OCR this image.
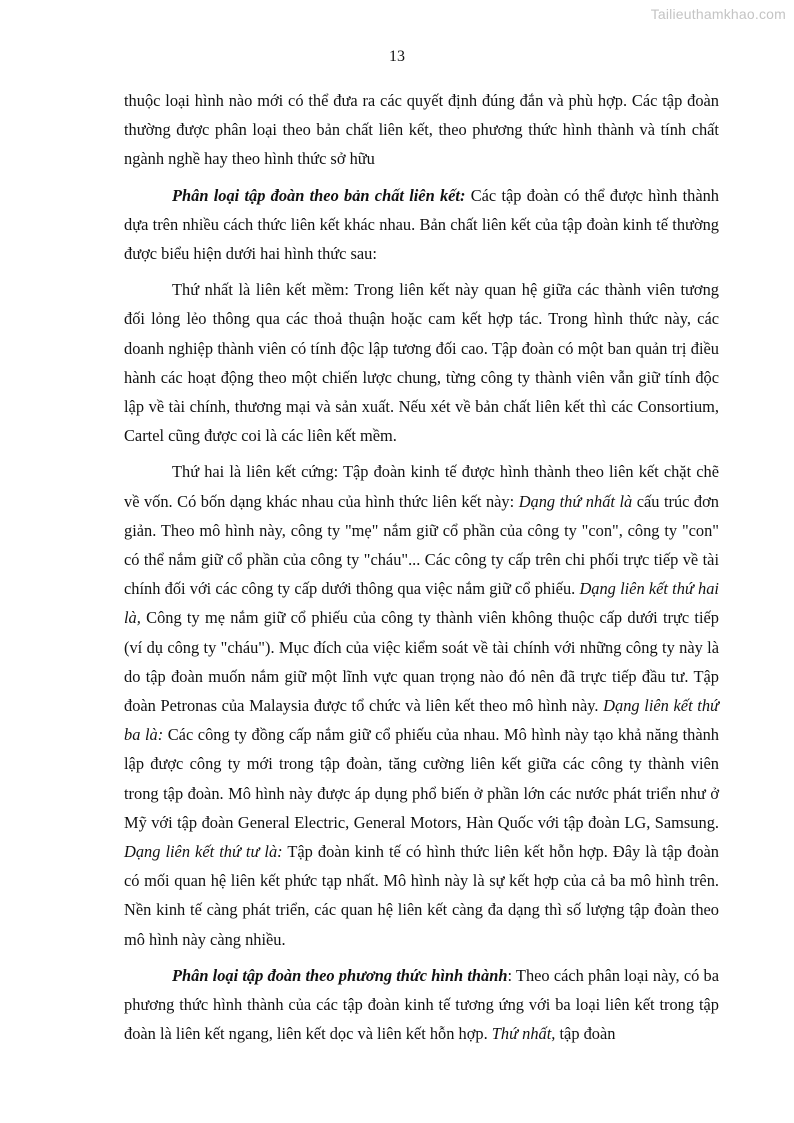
Tailieuthamkhao.com
13

thuộc loại hình nào mới có thể đưa ra các quyết định đúng đắn và phù hợp. Các tập đoàn thường được phân loại theo bản chất liên kết, theo phương thức hình thành và tính chất ngành nghề hay theo hình thức sở hữu

Phân loại tập đoàn theo bản chất liên kết: Các tập đoàn có thể được hình thành dựa trên nhiều cách thức liên kết khác nhau. Bản chất liên kết của tập đoàn kinh tế thường được biểu hiện dưới hai hình thức sau:

Thứ nhất là liên kết mềm: Trong liên kết này quan hệ giữa các thành viên tương đối lỏng lẻo thông qua các thoả thuận hoặc cam kết hợp tác. Trong hình thức này, các doanh nghiệp thành viên có tính độc lập tương đối cao. Tập đoàn có một ban quản trị điều hành các hoạt động theo một chiến lược chung, từng công ty thành viên vẫn giữ tính độc lập về tài chính, thương mại và sản xuất. Nếu xét về bản chất liên kết thì các Consortium, Cartel cũng được coi là các liên kết mềm.

Thứ hai là liên kết cứng: Tập đoàn kinh tế được hình thành theo liên kết chặt chẽ về vốn. Có bốn dạng khác nhau của hình thức liên kết này: Dạng thứ nhất là cấu trúc đơn giản. Theo mô hình này, công ty "mẹ" nắm giữ cổ phần của công ty "con", công ty "con" có thể nắm giữ cổ phần của công ty "cháu"... Các công ty cấp trên chi phối trực tiếp về tài chính đối với các công ty cấp dưới thông qua việc nắm giữ cổ phiếu. Dạng liên kết thứ hai là, Công ty mẹ nắm giữ cổ phiếu của công ty thành viên không thuộc cấp dưới trực tiếp (ví dụ công ty "cháu"). Mục đích của việc kiểm soát về tài chính với những công ty này là do tập đoàn muốn nắm giữ một lĩnh vực quan trọng nào đó nên đã trực tiếp đầu tư. Tập đoàn Petronas của Malaysia được tổ chức và liên kết theo mô hình này. Dạng liên kết thứ ba là: Các công ty đồng cấp nắm giữ cổ phiếu của nhau. Mô hình này tạo khả năng thành lập được công ty mới trong tập đoàn, tăng cường liên kết giữa các công ty thành viên trong tập đoàn. Mô hình này được áp dụng phổ biến ở phần lớn các nước phát triển như ở Mỹ với tập đoàn General Electric, General Motors, Hàn Quốc với tập đoàn LG, Samsung. Dạng liên kết thứ tư là: Tập đoàn kinh tế có hình thức liên kết hỗn hợp. Đây là tập đoàn có mối quan hệ liên kết phức tạp nhất. Mô hình này là sự kết hợp của cả ba mô hình trên. Nền kinh tế càng phát triển, các quan hệ liên kết càng đa dạng thì số lượng tập đoàn theo mô hình này càng nhiều.

Phân loại tập đoàn theo phương thức hình thành: Theo cách phân loại này, có ba phương thức hình thành của các tập đoàn kinh tế tương ứng với ba loại liên kết trong tập đoàn là liên kết ngang, liên kết dọc và liên kết hỗn hợp. Thứ nhất, tập đoàn
